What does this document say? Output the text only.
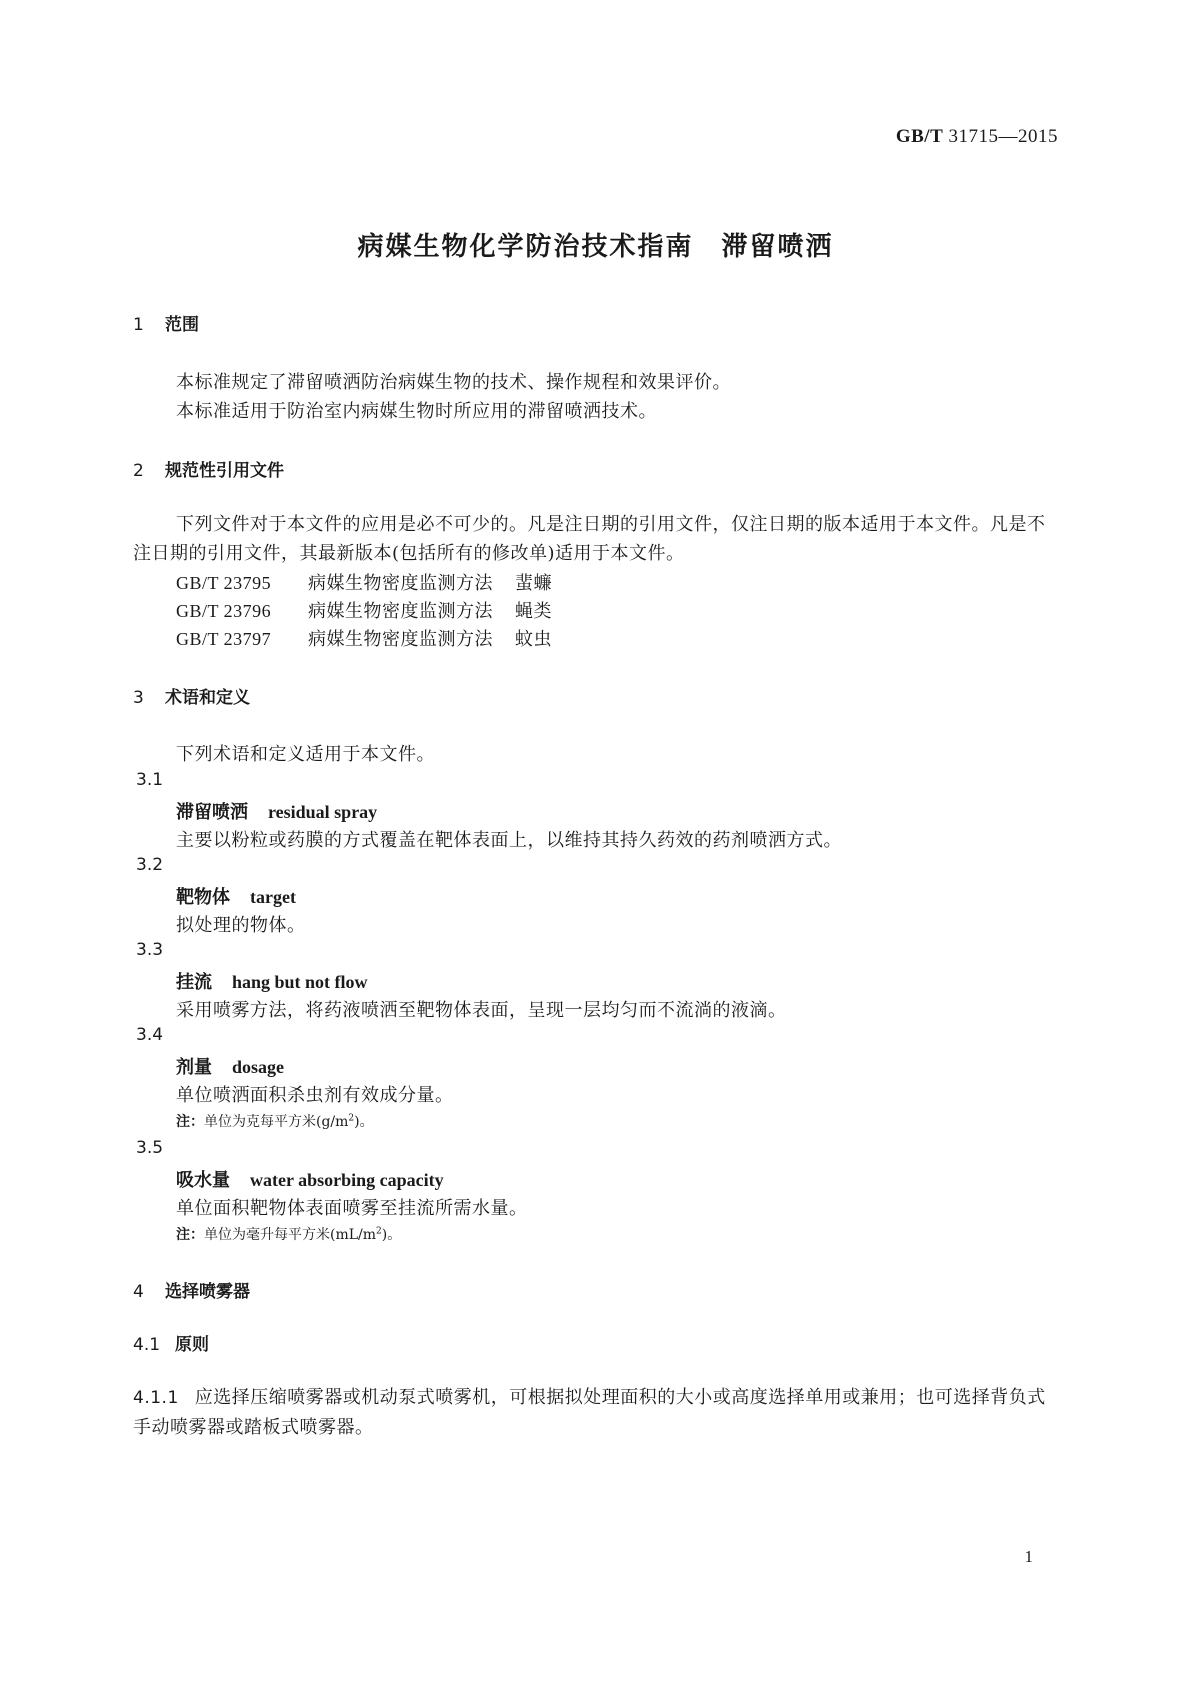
GB/T 31715—2015
病媒生物化学防治技术指南　滞留喷洒
1 范围
本标准规定了滞留喷洒防治病媒生物的技术、操作规程和效果评价。
本标准适用于防治室内病媒生物时所应用的滞留喷洒技术。
2 规范性引用文件
下列文件对于本文件的应用是必不可少的。凡是注日期的引用文件，仅注日期的版本适用于本文件。凡是不注日期的引用文件，其最新版本(包括所有的修改单)适用于本文件。
GB/T 23795 病媒生物密度监测方法 蜚蠊
GB/T 23796 病媒生物密度监测方法 蝇类
GB/T 23797 病媒生物密度监测方法 蚊虫
3 术语和定义
下列术语和定义适用于本文件。
3.1
滞留喷洒 residual spray
主要以粉粒或药膜的方式覆盖在靶体表面上，以维持其持久药效的药剂喷洒方式。
3.2
靶物体 target
拟处理的物体。
3.3
挂流 hang but not flow
采用喷雾方法，将药液喷洒至靶物体表面，呈现一层均匀而不流淌的液滴。
3.4
剂量 dosage
单位喷洒面积杀虫剂有效成分量。
注：单位为克每平方米$(g/m^2)$。
3.5
吸水量 water absorbing capacity
单位面积靶物体表面喷雾至挂流所需水量。
注：单位为毫升每平方米$(mL/m^2)$。
4 选择喷雾器
4.1 原则
4.1.1 应选择压缩喷雾器或机动泵式喷雾机，可根据拟处理面积的大小或高度选择单用或兼用；也可选择背负式手动喷雾器或踏板式喷雾器。
1
